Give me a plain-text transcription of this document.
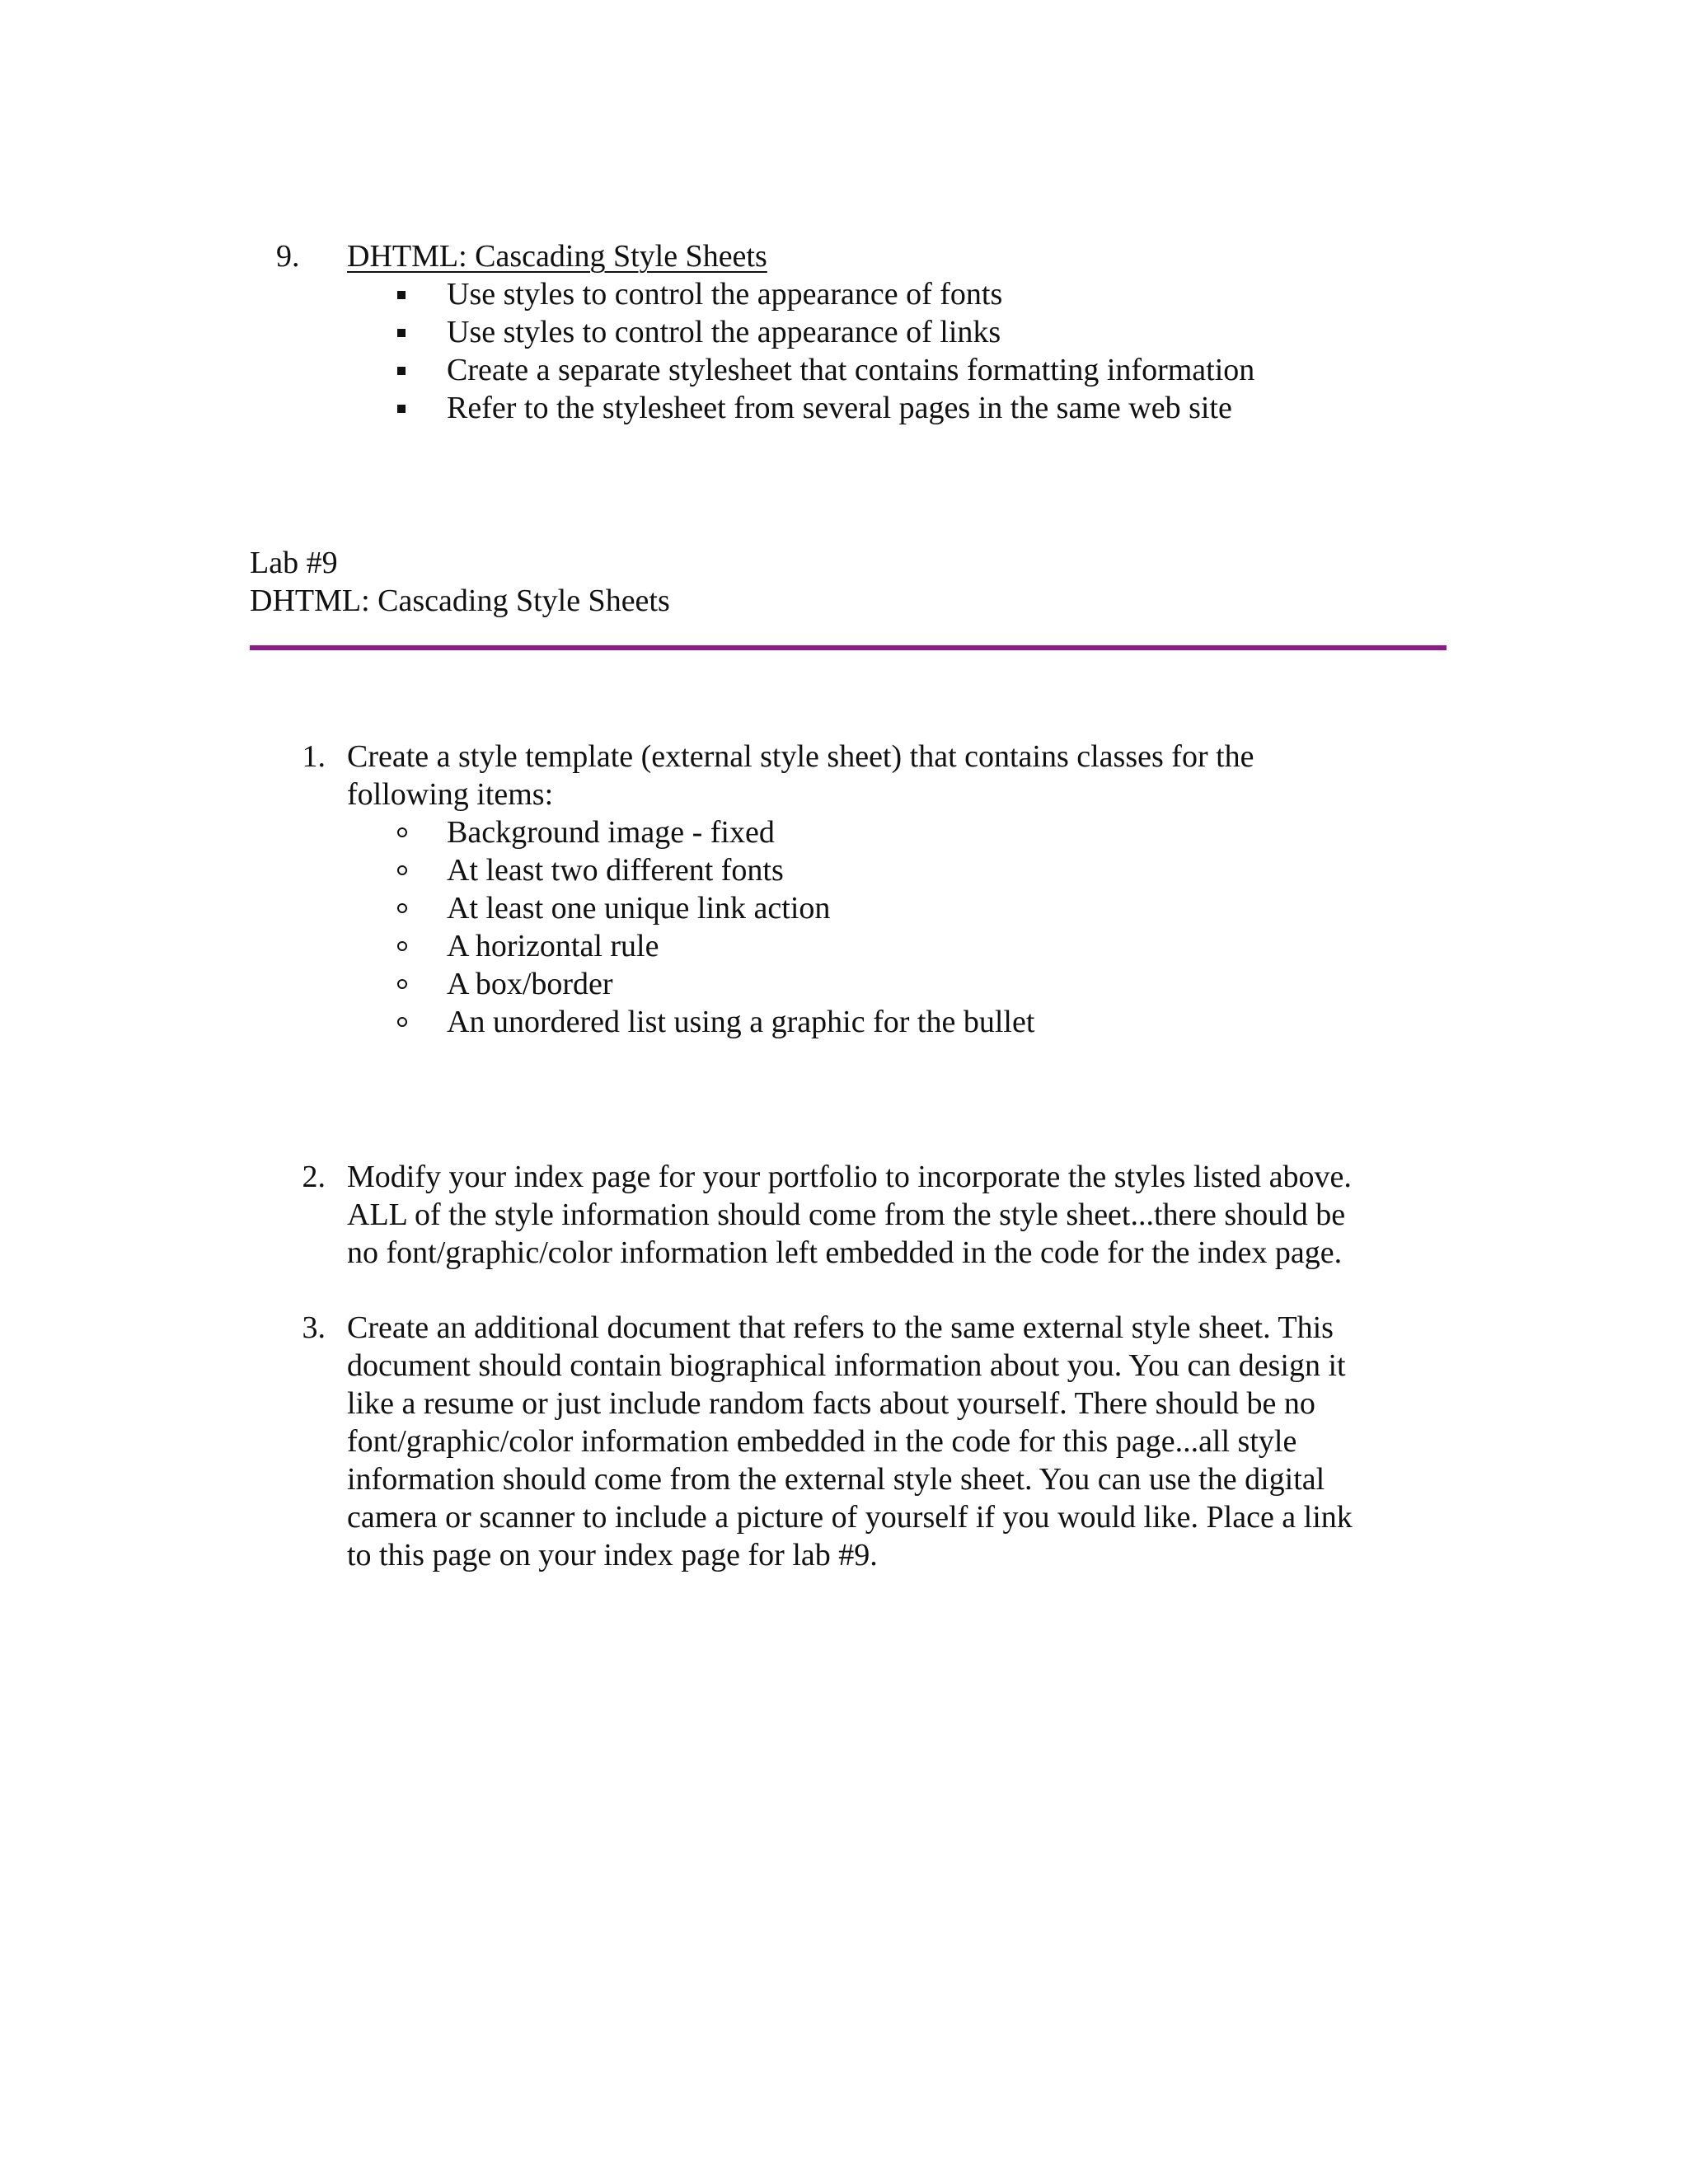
9. DHTML: Cascading Style Sheets
Use styles to control the appearance of fonts
Use styles to control the appearance of links
Create a separate stylesheet that contains formatting information
Refer to the stylesheet from several pages in the same web site
Lab #9
DHTML: Cascading Style Sheets
1. Create a style template (external style sheet) that contains classes for the
following items:
Background image - fixed
At least two different fonts
At least one unique link action
A horizontal rule
A box/border
An unordered list using a graphic for the bullet
2. Modify your index page for your portfolio to incorporate the styles listed above.
ALL of the style information should come from the style sheet...there should be
no font/graphic/color information left embedded in the code for the index page.
3. Create an additional document that refers to the same external style sheet. This
document should contain biographical information about you. You can design it
like a resume or just include random facts about yourself. There should be no
font/graphic/color information embedded in the code for this page...all style
information should come from the external style sheet. You can use the digital
camera or scanner to include a picture of yourself if you would like. Place a link
to this page on your index page for lab #9.
